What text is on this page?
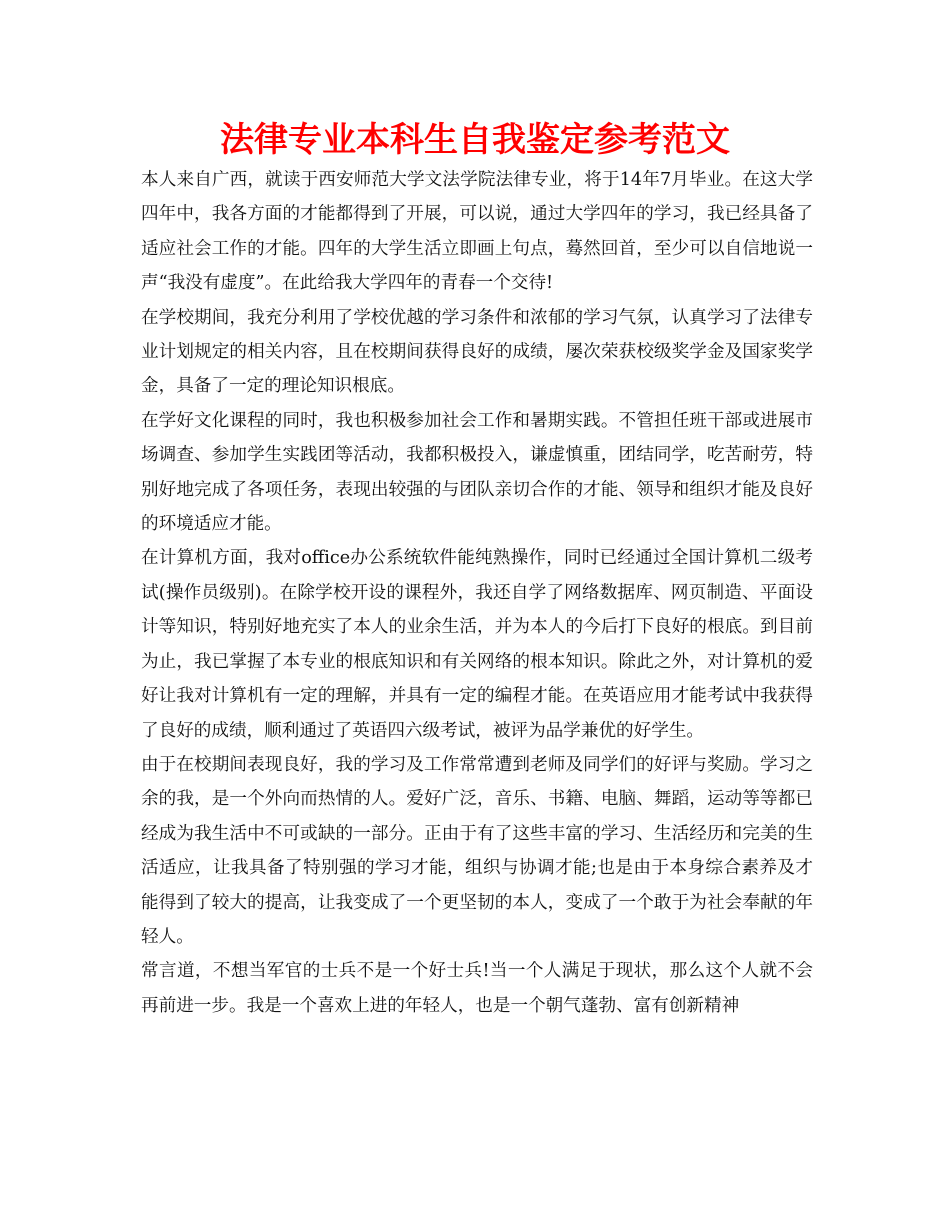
法律专业本科生自我鉴定参考范文

本人来自广西，就读于西安师范大学文法学院法律专业，将于14年7月毕业。在这大学四年中，我各方面的才能都得到了开展，可以说，通过大学四年的学习，我已经具备了适应社会工作的才能。四年的大学生活立即画上句点，蓦然回首，至少可以自信地说一声“我没有虚度”。在此给我大学四年的青春一个交待!

在学校期间，我充分利用了学校优越的学习条件和浓郁的学习气氛，认真学习了法律专业计划规定的相关内容，且在校期间获得良好的成绩，屡次荣获校级奖学金及国家奖学金，具备了一定的理论知识根底。

在学好文化课程的同时，我也积极参加社会工作和暑期实践。不管担任班干部或进展市场调查、参加学生实践团等活动，我都积极投入，谦虚慎重，团结同学，吃苦耐劳，特别好地完成了各项任务，表现出较强的与团队亲切合作的才能、领导和组织才能及良好的环境适应才能。

在计算机方面，我对office办公系统软件能纯熟操作，同时已经通过全国计算机二级考试(操作员级别)。在除学校开设的课程外，我还自学了网络数据库、网页制造、平面设计等知识，特别好地充实了本人的业余生活，并为本人的今后打下良好的根底。到目前为止，我已掌握了本专业的根底知识和有关网络的根本知识。除此之外，对计算机的爱好让我对计算机有一定的理解，并具有一定的编程才能。在英语应用才能考试中我获得了良好的成绩，顺利通过了英语四六级考试，被评为品学兼优的好学生。

由于在校期间表现良好，我的学习及工作常常遭到老师及同学们的好评与奖励。学习之余的我，是一个外向而热情的人。爱好广泛，音乐、书籍、电脑、舞蹈，运动等等都已经成为我生活中不可或缺的一部分。正由于有了这些丰富的学习、生活经历和完美的生活适应，让我具备了特别强的学习才能，组织与协调才能;也是由于本身综合素养及才能得到了较大的提高，让我变成了一个更坚韧的本人，变成了一个敢于为社会奉献的年轻人。

常言道，不想当军官的士兵不是一个好士兵!当一个人满足于现状，那么这个人就不会再前进一步。我是一个喜欢上进的年轻人，也是一个朝气蓬勃、富有创新精神
